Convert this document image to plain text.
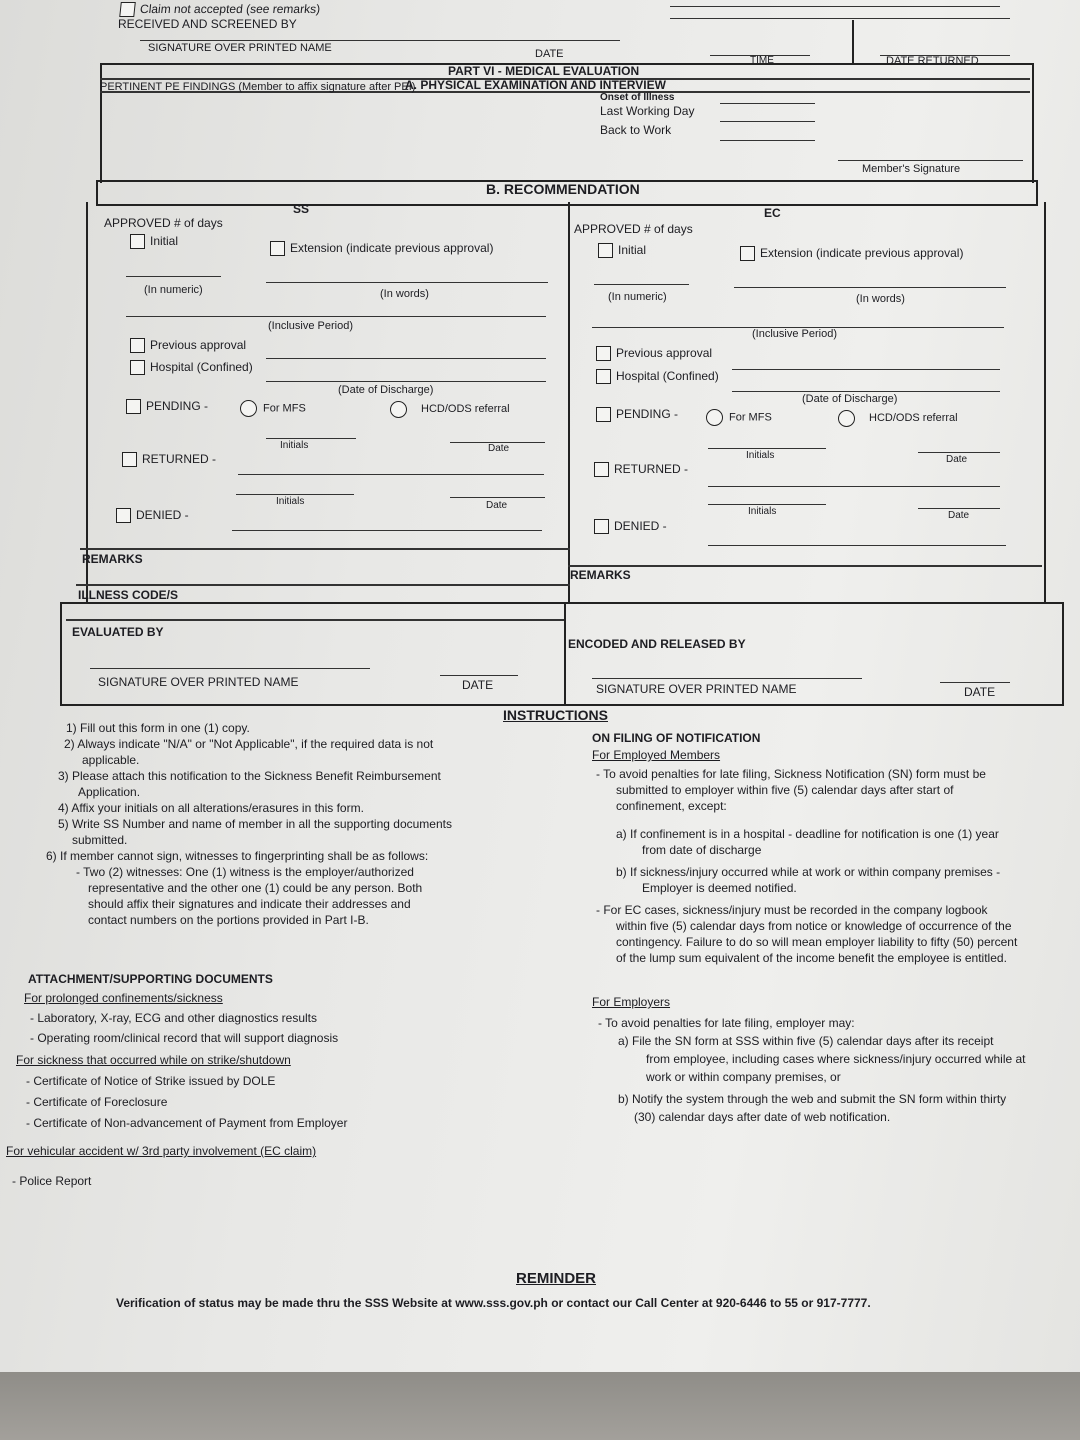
Claim not accepted (see remarks)
RECEIVED AND SCREENED BY
SIGNATURE OVER PRINTED NAME	DATE
TIME	DATE RETURNED
PART VI - MEDICAL EVALUATION
A. PHYSICAL EXAMINATION AND INTERVIEW
PERTINENT PE FINDINGS (Member to affix signature after PEI)
Onset of Illness
Last Working Day
Back to Work
Member's Signature
B. RECOMMENDATION
SS
APPROVED # of days
Initial	Extension (indicate previous approval)
(In numeric)	(In words)
(Inclusive Period)
Previous approval
Hospital (Confined)
(Date of Discharge)
PENDING -	For MFS	HCD/ODS referral
Initials	Date
RETURNED -
Initials	Date
DENIED -
EC
APPROVED # of days
Initial	Extension (indicate previous approval)
(In numeric)	(In words)
(Inclusive Period)
Previous approval
Hospital (Confined)
(Date of Discharge)
PENDING -	For MFS	HCD/ODS referral
Initials	Date
RETURNED -
Initials	Date
DENIED -
REMARKS
REMARKS
ILLNESS CODE/S
EVALUATED BY
ENCODED AND RELEASED BY
SIGNATURE OVER PRINTED NAME	DATE	SIGNATURE OVER PRINTED NAME	DATE
INSTRUCTIONS
1) Fill out this form in one (1) copy.
2) Always indicate "N/A" or "Not Applicable", if the required data is not
applicable.
3) Please attach this notification to the Sickness Benefit Reimbursement
Application.
4) Affix your initials on all alterations/erasures in this form.
5) Write SS Number and name of member in all the supporting documents
submitted.
6) If member cannot sign, witnesses to fingerprinting shall be as follows:
- Two (2) witnesses: One (1) witness is the employer/authorized
representative and the other one (1) could be any person. Both
should affix their signatures and indicate their addresses and
contact numbers on the portions provided in Part I-B.
ATTACHMENT/SUPPORTING DOCUMENTS
For prolonged confinements/sickness
- Laboratory, X-ray, ECG and other diagnostics results
- Operating room/clinical record that will support diagnosis
For sickness that occurred while on strike/shutdown
- Certificate of Notice of Strike issued by DOLE
- Certificate of Foreclosure
- Certificate of Non-advancement of Payment from Employer
For vehicular accident w/ 3rd party involvement (EC claim)
- Police Report
ON FILING OF NOTIFICATION
For Employed Members
- To avoid penalties for late filing, Sickness Notification (SN) form must be
submitted to employer within five (5) calendar days after start of
confinement, except:
a) If confinement is in a hospital - deadline for notification is one (1) year
from date of discharge
b) If sickness/injury occurred while at work or within company premises -
Employer is deemed notified.
- For EC cases, sickness/injury must be recorded in the company logbook
within five (5) calendar days from notice or knowledge of occurrence of the
contingency. Failure to do so will mean employer liability to fifty (50) percent
of the lump sum equivalent of the income benefit the employee is entitled.
For Employers
- To avoid penalties for late filing, employer may:
a) File the SN form at SSS within five (5) calendar days after its receipt
from employee, including cases where sickness/injury occurred while at
work or within company premises, or
b) Notify the system through the web and submit the SN form within thirty
(30) calendar days after date of web notification.
REMINDER
Verification of status may be made thru the SSS Website at www.sss.gov.ph or contact our Call Center at 920-6446 to 55 or 917-7777.
